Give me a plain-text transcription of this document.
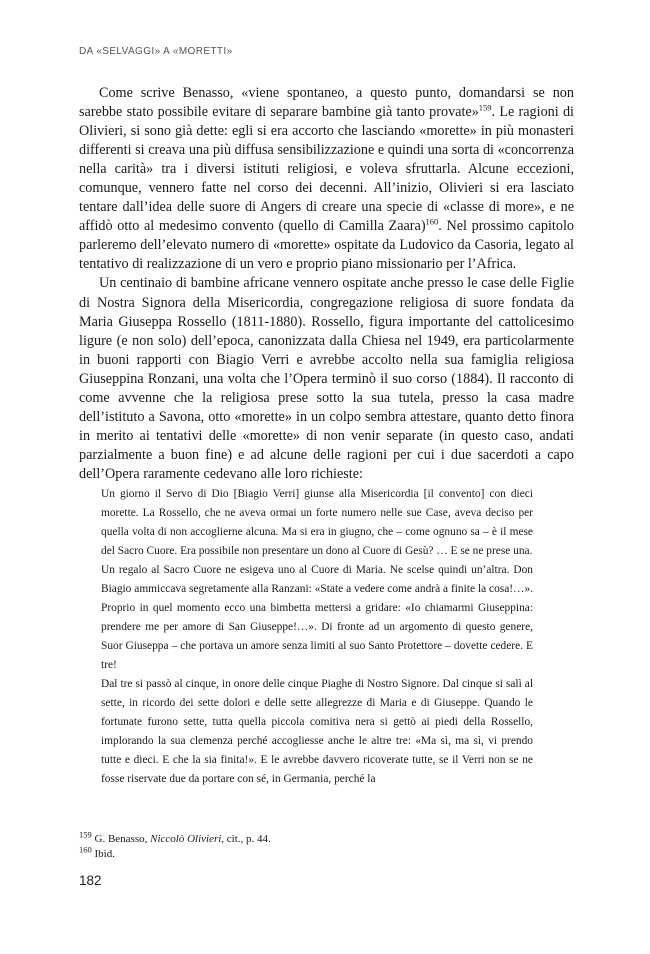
DA «SELVAGGI» A «MORETTI»

Come scrive Benasso, «viene spontaneo, a questo punto, domandarsi se non sarebbe stato possibile evitare di separare bambine già tanto provate»$^{159}$. Le ragioni di Olivieri, si sono già dette: egli si era accorto che lasciando «morette» in più monasteri differenti si creava una più diffusa sensibilizzazione e quindi una sorta di «concorrenza nella carità» tra i diversi istituti religiosi, e voleva sfruttarla. Alcune eccezioni, comunque, vennero fatte nel corso dei decenni. All’inizio, Olivieri si era lasciato tentare dall’idea delle suore di Angers di creare una specie di «classe di more», e ne affidò otto al medesimo convento (quello di Camilla Zaara)$^{160}$. Nel prossimo capitolo parleremo dell’elevato numero di «morette» ospitate da Ludovico da Casoria, legato al tentativo di realizzazione di un vero e proprio piano missionario per l’Africa.

Un centinaio di bambine africane vennero ospitate anche presso le case delle Figlie di Nostra Signora della Misericordia, congregazione religiosa di suore fondata da Maria Giuseppa Rossello (1811-1880). Rossello, figura importante del cattolicesimo ligure (e non solo) dell’epoca, canonizzata dalla Chiesa nel 1949, era particolarmente in buoni rapporti con Biagio Verri e avrebbe accolto nella sua famiglia religiosa Giuseppina Ronzani, una volta che l’Opera terminò il suo corso (1884). Il racconto di come avvenne che la religiosa prese sotto la sua tutela, presso la casa madre dell’istituto a Savona, otto «morette» in un colpo sembra attestare, quanto detto finora in merito ai tentativi delle «morette» di non venir separate (in questo caso, andati parzialmente a buon fine) e ad alcune delle ragioni per cui i due sacerdoti a capo dell’Opera raramente cedevano alle loro richieste:

Un giorno il Servo di Dio [Biagio Verri] giunse alla Misericordia [il convento] con dieci morette. La Rossello, che ne aveva ormai un forte numero nelle sue Case, aveva deciso per quella volta di non accoglierne alcuna. Ma si era in giugno, che – come ognuno sa – è il mese del Sacro Cuore. Era possibile non presentare un dono al Cuore di Gesù? … E se ne prese una.

Un regalo al Sacro Cuore ne esigeva uno al Cuore di Maria. Ne scelse quindi un’altra. Don Biagio ammiccava segretamente alla Ranzani: «State a vedere come andrà a finite la cosa!…». Proprio in quel momento ecco una bimbetta mettersi a gridare: «Io chiamarmi Giuseppina: prendere me per amore di San Giuseppe!…». Di fronte ad un argomento di questo genere, Suor Giuseppa – che portava un amore senza limiti al suo Santo Protettore – dovette cedere. E tre!

Dal tre si passò al cinque, in onore delle cinque Piaghe di Nostro Signore. Dal cinque si salì al sette, in ricordo dei sette dolori e delle sette allegrezze di Maria e di Giuseppe. Quando le fortunate furono sette, tutta quella piccola comitiva nera si gettò ai piedi della Rossello, implorando la sua clemenza perché accogliesse anche le altre tre: «Ma sì, ma sì, vi prendo tutte e dieci. E che la sia finita!». E le avrebbe davvero ricoverate tutte, se il Verri non se ne fosse riservate due da portare con sé, in Germania, perché la

$^{159}$ G. Benasso, Niccolò Olivieri, cit., p. 44.

$^{160}$ Ibid.

182
